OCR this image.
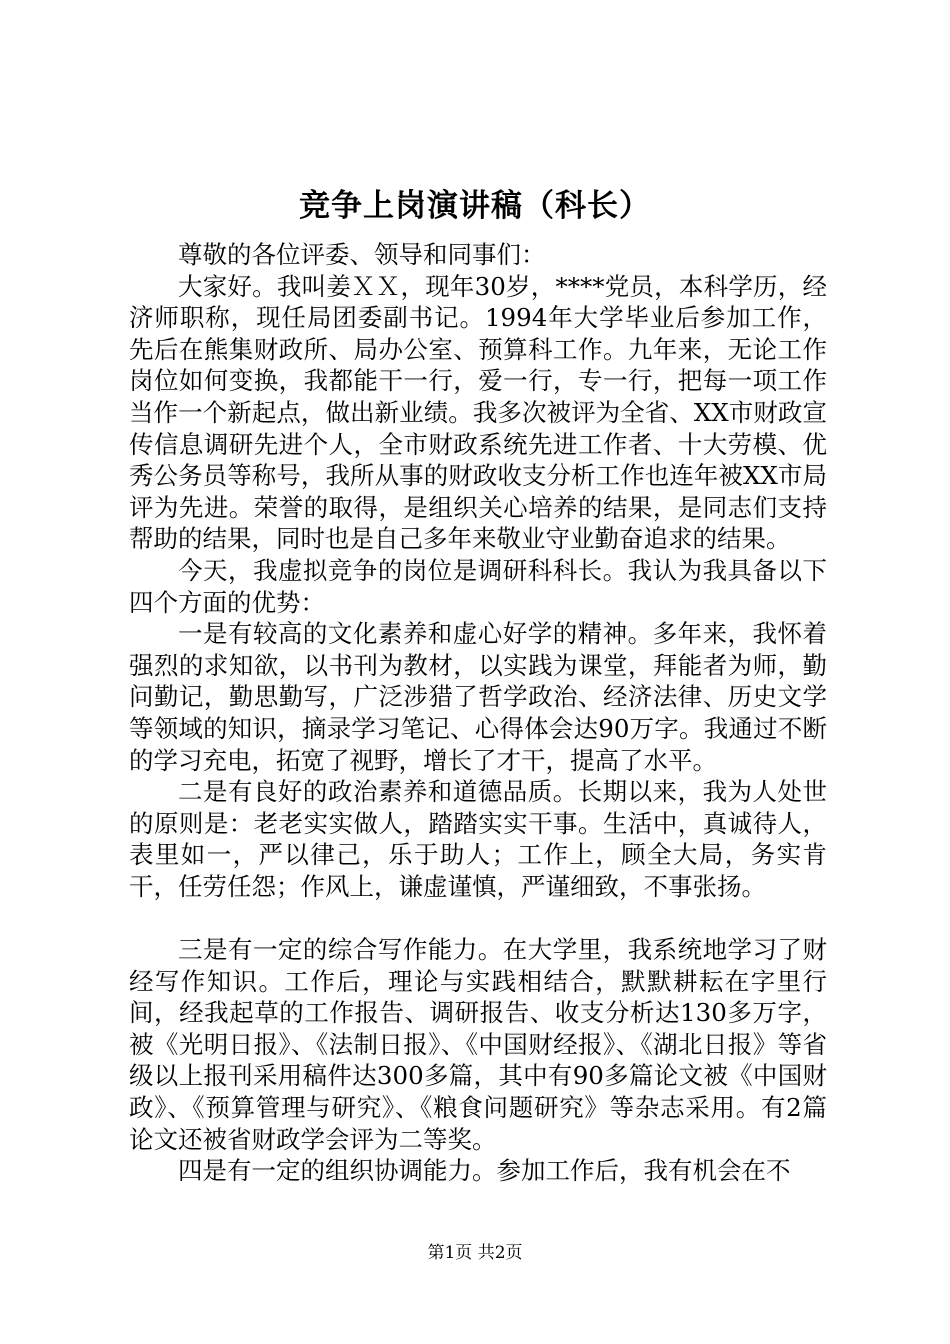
竞争上岗演讲稿（科长）

尊敬的各位评委、领导和同事们：

大家好。我叫姜ＸＸ，现年30岁，****党员，本科学历，经济师职称，现任局团委副书记。1994年大学毕业后参加工作，先后在熊集财政所、局办公室、预算科工作。九年来，无论工作岗位如何变换，我都能干一行，爱一行，专一行，把每一项工作当作一个新起点，做出新业绩。我多次被评为全省、XX市财政宣传信息调研先进个人，全市财政系统先进工作者、十大劳模、优秀公务员等称号，我所从事的财政收支分析工作也连年被XX市局评为先进。荣誉的取得，是组织关心培养的结果，是同志们支持帮助的结果，同时也是自己多年来敬业守业勤奋追求的结果。

今天，我虚拟竞争的岗位是调研科科长。我认为我具备以下四个方面的优势：

一是有较高的文化素养和虚心好学的精神。多年来，我怀着强烈的求知欲，以书刊为教材，以实践为课堂，拜能者为师，勤问勤记，勤思勤写，广泛涉猎了哲学政治、经济法律、历史文学等领域的知识，摘录学习笔记、心得体会达90万字。我通过不断的学习充电，拓宽了视野，增长了才干，提高了水平。

二是有良好的政治素养和道德品质。长期以来，我为人处世的原则是：老老实实做人，踏踏实实干事。生活中，真诚待人，表里如一，严以律己，乐于助人；工作上，顾全大局，务实肯干，任劳任怨；作风上，谦虚谨慎，严谨细致，不事张扬。

三是有一定的综合写作能力。在大学里，我系统地学习了财经写作知识。工作后，理论与实践相结合，默默耕耘在字里行间，经我起草的工作报告、调研报告、收支分析达130多万字，被《光明日报》、《法制日报》、《中国财经报》、《湖北日报》等省级以上报刊采用稿件达300多篇，其中有90多篇论文被《中国财政》、《预算管理与研究》、《粮食问题研究》等杂志采用。有2篇论文还被省财政学会评为二等奖。

四是有一定的组织协调能力。参加工作后，我有机会在不

第1页 共2页
